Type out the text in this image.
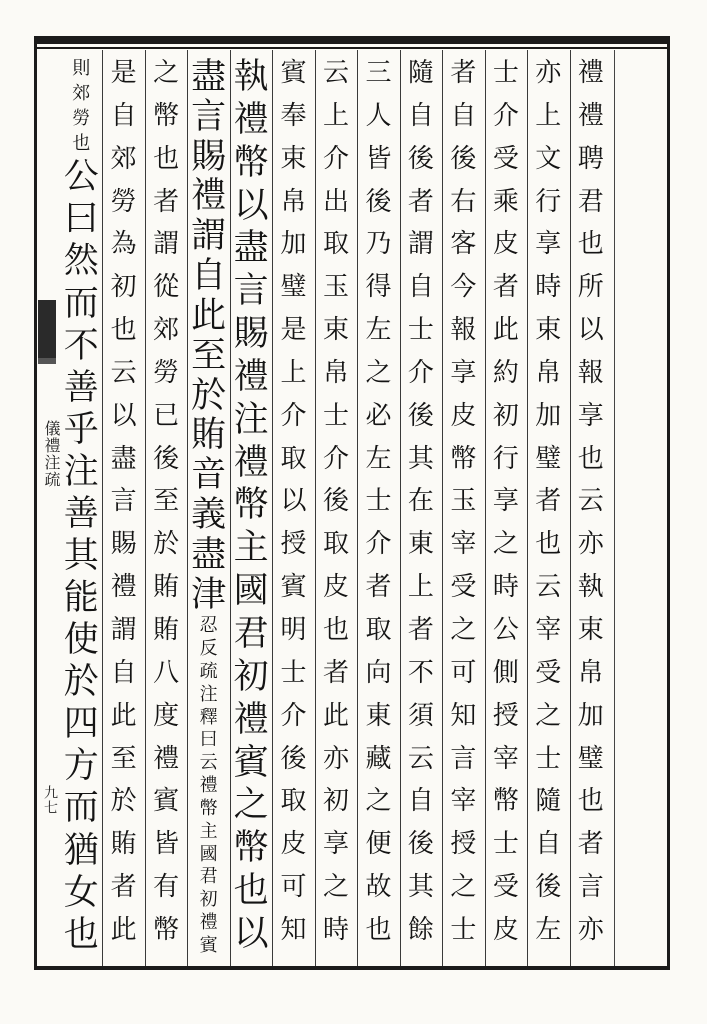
儀禮注疏
九七
禮
禮
聘
君
也
所
以
報
享
也
云
亦
執
束
帛
加
璧
也
者
言
亦
亦
上
文
行
享
時
束
帛
加
璧
者
也
云
宰
受
之
士
隨
自
後
左
士
介
受
乘
皮
者
此
約
初
行
享
之
時
公
側
授
宰
幣
士
受
皮
者
自
後
右
客
今
報
享
皮
幣
玉
宰
受
之
可
知
言
宰
授
之
士
隨
自
後
者
謂
自
士
介
後
其
在
東
上
者
不
須
云
自
後
其
餘
三
人
皆
後
乃
得
左
之
必
左
士
介
者
取
向
東
藏
之
便
故
也
云
上
介
出
取
玉
束
帛
士
介
後
取
皮
也
者
此
亦
初
享
之
時
賓
奉
束
帛
加
璧
是
上
介
取
以
授
賓
明
士
介
後
取
皮
可
知
執
禮
幣
以
盡
言
賜
禮
注
禮
幣
主
國
君
初
禮
賓
之
幣
也
以
盡
言
賜
禮
謂
自
此
至
於
賄
音
義
盡
津
忍
反
疏
注
釋
曰
云
禮
幣
主
國
君
初
禮
賓
之
幣
也
者
謂
從
郊
勞
已
後
至
於
賄
賄
八
度
禮
賓
皆
有
幣
是
自
郊
勞
為
初
也
云
以
盡
言
賜
禮
謂
自
此
至
於
賄
者
此
則
郊
勞
也
公
曰
然
而
不
善
乎
注
善
其
能
使
於
四
方
而
猶
女
也
